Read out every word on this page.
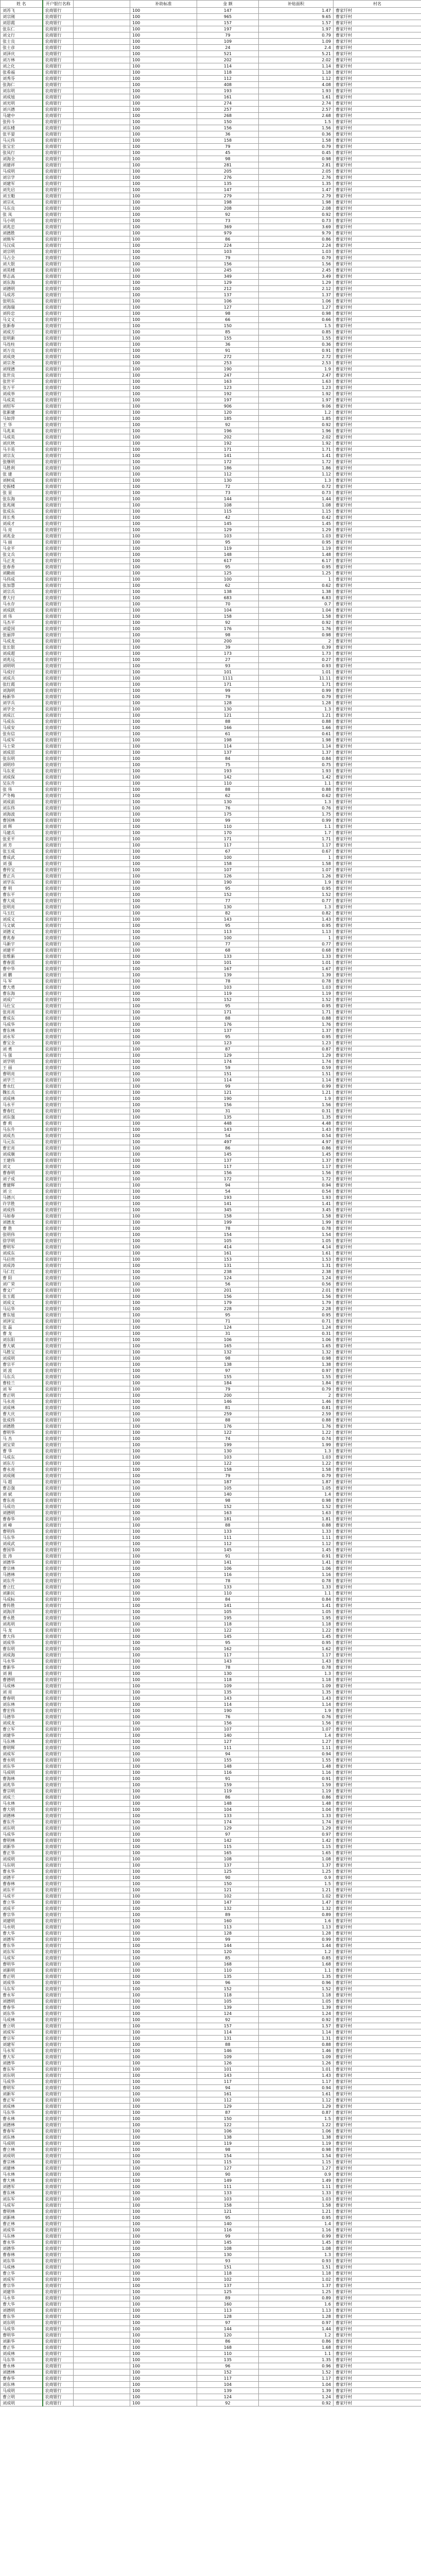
姓 名	开户银行名称		补助标准	金 额	补贴面积	村名
刘苏飞	农商银行		100	147	1.47	曹家圩村
刘宗刚	农商银行		100	965	9.65	曹家圩村
刘思霞	农商银行		100	157	1.57	曹家圩村
张东仁	农商银行		100	197	1.97	曹家圩村
刘文行	农商银行		100	79	0.79	曹家圩村
张士良	农商银行		100	109	1.09	曹家圩村
张士彦	农商银行		100	24	2.4	曹家圩村
刘泽庆	农商银行		100	521	5.21	曹家圩村
刘万林	农商银行		100	202	2.02	曹家圩村
刘之化	农商银行		100	114	1.14	曹家圩村
张希福	农商银行		100	118	1.18	曹家圩村
刘秀芬	农商银行		100	112	1.12	曹家圩村
张海仁	农商银行		100	408	4.08	曹家圩村
刘东明	农商银行		100	193	1.93	曹家圩村
刘成旭	农商银行		100	161	1.61	曹家圩村
刘光明	农商银行		100	274	2.74	曹家圩村
刘兴德	农商银行		100	257	2.57	曹家圩村
马建中	农商银行		100	268	2.68	曹家圩村
张传斗	农商银行		100	150	1.5	曹家圩村
刘东楼	农商银行		100	156	1.56	曹家圩村
张平晏	农商银行		100	36	0.36	曹家圩村
马元伟	农商银行		100	158	1.58	曹家圩村
张宝宏	农商银行		100	79	0.79	曹家圩村
张凤行	农商银行		100	45	0.45	曹家圩村
刘海全	农商银行		100	98	0.98	曹家圩村
刘建祥	农商银行		100	281	2.81	曹家圩村
马成明	农商银行		100	205	2.05	曹家圩村
刘宗学	农商银行		100	276	2.76	曹家圩村
刘建军	农商银行		100	135	1.35	曹家圩村
刘先启	农商银行		100	147	1.47	曹家圩村
刘玉魁	农商银行		100	279	2.79	曹家圩村
刘宗礼	农商银行		100	198	1.98	曹家圩村
马东良	农商银行		100	208	2.08	曹家圩村
张 凤	农商银行		100	92	0.92	曹家圩村
马小明	农商银行		100	73	0.73	曹家圩村
刘兆忠	农商银行		100	369	3.69	曹家圩村
刘德胜	农商银行		100	979	9.79	曹家圩村
刘焕军	农商银行		100	86	0.86	曹家圩村
马汉成	农商银行		100	224	2.24	曹家圩村
刘宗明	农商银行		100	103	1.03	曹家圩村
马占全	农商银行		100	79	0.79	曹家圩村
刘大银	农商银行		100	156	1.56	曹家圩村
刘英楼	农商银行		100	245	2.45	曹家圩村
蔡志高	农商银行		100	349	3.49	曹家圩村
刘东海	农商银行		100	129	1.29	曹家圩村
刘德明	农商银行		100	212	2.12	曹家圩村
马成苏	农商银行		100	137	1.37	曹家圩村
张明东	农商银行		100	106	1.06	曹家圩村
刘海瑞	农商银行		100	127	1.27	曹家圩村
刘传忠	农商银行		100	98	0.98	曹家圩村
马文义	农商银行		100	66	0.66	曹家圩村
张新春	农商银行		100	150	1.5	曹家圩村
刘成方	农商银行		100	85	0.85	曹家圩村
张明新	农商银行		100	155	1.55	曹家圩村
马连柱	农商银行		100	36	0.36	曹家圩村
刘万良	农商银行		100	91	0.91	曹家圩村
刘成庚	农商银行		100	272	2.72	曹家圩村
刘宗尧	农商银行		100	253	2.53	曹家圩村
刘现德	农商银行		100	190	1.9	曹家圩村
张世良	农商银行		100	247	2.47	曹家圩村
张世平	农商银行		100	163	1.63	曹家圩村
张万平	农商银行		100	123	1.23	曹家圩村
刘成举	农商银行		100	192	1.92	曹家圩村
马成美	农商银行		100	197	1.97	曹家圩村
刘绍军	农商银行		100	906	9.06	曹家圩村
张新建	农商银行		100	120	1.2	曹家圩村
马如萍	农商银行		100	185	1.85	曹家圩村
王 华	农商银行		100	92	0.92	曹家圩村
马兆来	农商银行		100	196	1.96	曹家圩村
马成英	农商银行		100	202	2.02	曹家圩村
刘庆秋	农商银行		100	192	1.92	曹家圩村
马丰英	农商银行		100	171	1.71	曹家圩村
刘宗友	农商银行		100	141	1.41	曹家圩村
张继明	农商银行		100	172	1.72	曹家圩村
马胜利	农商银行		100	186	1.86	曹家圩村
张 建	农商银行		100	112	1.12	曹家圩村
刘树成	农商银行		100	130	1.3	曹家圩村
史振楼	农商银行		100	72	0.72	曹家圩村
张 显	农商银行		100	73	0.73	曹家圩村
张东海	农商银行		100	144	1.44	曹家圩村
张兆刚	农商银行		100	108	1.08	曹家圩村
张成东	农商银行		100	115	1.15	曹家圩村
周长秀	农商银行		100	42	0.42	曹家圩村
刘成才	农商银行		100	145	1.45	曹家圩村
马 亮	农商银行		100	129	1.29	曹家圩村
刘兆金	农商银行		100	103	1.03	曹家圩村
马 丽	农商银行		100	95	0.95	曹家圩村
马业平	农商银行		100	119	1.19	曹家圩村
张文兵	农商银行		100	148	1.48	曹家圩村
马正龙	农商银行		100	617	6.17	曹家圩村
张春香	农商银行		100	95	0.95	曹家圩村
刘勤雨	农商银行		100	125	1.25	曹家圩村
马伟成	农商银行		100	100	1	曹家圩村
张加慧	农商银行		100	62	0.62	曹家圩村
刘宗兵	农商银行		100	138	1.38	曹家圩村
曹大付	农商银行		100	683	6.83	曹家圩村
马永存	农商银行		100	70	0.7	曹家圩村
刘成跃	农商银行		100	104	1.04	曹家圩村
刘 伟	农商银行		100	158	1.58	曹家圩村
马杰平	农商银行		100	92	0.92	曹家圩村
刘爱国	农商银行		100	176	1.76	曹家圩村
张丽萍	农商银行		100	98	0.98	曹家圩村
马成龙	农商银行		100	200	2	曹家圩村
张长银	农商银行		100	39	0.39	曹家圩村
刘成超	农商银行		100	173	1.73	曹家圩村
刘兆远	农商银行		100	27	0.27	曹家圩村
刘明明	农商银行		100	93	0.93	曹家圩村
马成付	农商银行		100	101	1.01	曹家圩村
刘成兵	农商银行		100	1111	11.11	曹家圩村
张红霞	农商银行		100	171	1.71	曹家圩村
刘海明	农商银行		100	99	0.99	曹家圩村
杨新华	农商银行		100	79	0.79	曹家圩村
刘学兵	农商银行		100	128	1.28	曹家圩村
刘学全	农商银行		100	130	1.3	曹家圩村
刘成江	农商银行		100	121	1.21	曹家圩村
马成东	农商银行		100	88	0.88	曹家圩村
马成安	农商银行		100	166	1.66	曹家圩村
张有信	农商银行		100	61	0.61	曹家圩村
马成军	农商银行		100	198	1.98	曹家圩村
马士荣	农商银行		100	114	1.14	曹家圩村
刘成思	农商银行		100	137	1.37	曹家圩村
张东明	农商银行		100	84	0.84	曹家圩村
刘明珍	农商银行		100	75	0.75	曹家圩村
马东亚	农商银行		100	193	1.93	曹家圩村
刘成保	农商银行		100	142	1.42	曹家圩村
吴东升	农商银行		100	110	1.1	曹家圩村
张 伟	农商银行		100	88	0.88	曹家圩村
严冬梅	农商银行		100	62	0.62	曹家圩村
刘成前	农商银行		100	130	1.3	曹家圩村
刘东伟	农商银行		100	76	0.76	曹家圩村
刘海波	农商银行		100	175	1.75	曹家圩村
曹国林	农商银行		100	99	0.99	曹家圩村
刘 辉	农商银行		100	110	1.1	曹家圩村
马建兵	农商银行		100	170	1.7	曹家圩村
张亚平	农商银行		100	171	1.71	曹家圩村
刘 芳	农商银行		100	117	1.17	曹家圩村
张玉成	农商银行		100	67	0.67	曹家圩村
曹成武	农商银行		100	100	1	曹家圩村
刘 强	农商银行		100	158	1.58	曹家圩村
曹传宝	农商银行		100	107	1.07	曹家圩村
曹正兵	农商银行		100	126	1.26	曹家圩村
刘学东	农商银行		100	190	1.9	曹家圩村
曹 明	农商银行		100	95	0.95	曹家圩村
曹东平	农商银行		100	152	1.52	曹家圩村
曹大成	农商银行		100	77	0.77	曹家圩村
张明亮	农商银行		100	130	1.3	曹家圩村
马玉红	农商银行		100	82	0.82	曹家圩村
刘成义	农商银行		100	143	1.43	曹家圩村
马文斌	农商银行		100	95	0.95	曹家圩村
刘德义	农商银行		100	113	1.13	曹家圩村
曹兆春	农商银行		100	100	1	曹家圩村
马新宇	农商银行		100	77	0.77	曹家圩村
刘建平	农商银行		100	68	0.68	曹家圩村
张维新	农商银行		100	133	1.33	曹家圩村
曹春雷	农商银行		100	101	1.01	曹家圩村
曹中华	农商银行		100	167	1.67	曹家圩村
刘 鹏	农商银行		100	139	1.39	曹家圩村
马 军	农商银行		100	78	0.78	曹家圩村
曹大勇	农商银行		100	103	1.03	曹家圩村
曹东海	农商银行		100	119	1.19	曹家圩村
刘成广	农商银行		100	152	1.52	曹家圩村
马仕宝	农商银行		100	95	0.95	曹家圩村
张亮亮	农商银行		100	171	1.71	曹家圩村
曹成东	农商银行		100	88	0.88	曹家圩村
马成华	农商银行		100	176	1.76	曹家圩村
曹东林	农商银行		100	137	1.37	曹家圩村
刘永军	农商银行		100	95	0.95	曹家圩村
曹宝全	农商银行		100	123	1.23	曹家圩村
刘 勇	农商银行		100	87	0.87	曹家圩村
马 强	农商银行		100	129	1.29	曹家圩村
刘学明	农商银行		100	174	1.74	曹家圩村
王 丽	农商银行		100	59	0.59	曹家圩村
曹明亮	农商银行		100	151	1.51	曹家圩村
刘学兰	农商银行		100	114	1.14	曹家圩村
曹永红	农商银行		100	99	0.99	曹家圩村
魏长兵	农商银行		100	121	1.21	曹家圩村
刘成林	农商银行		100	190	1.9	曹家圩村
马永平	农商银行		100	156	1.56	曹家圩村
曹春红	农商银行		100	31	0.31	曹家圩村
刘东强	农商银行		100	135	1.35	曹家圩村
曹 莉	农商银行		100	448	4.48	曹家圩村
马东升	农商银行		100	143	1.43	曹家圩村
刘成杰	农商银行		100	54	0.54	曹家圩村
马元东	农商银行		100	497	4.97	曹家圩村
曹宏亮	农商银行		100	86	0.86	曹家圩村
刘成顺	农商银行		100	145	1.45	曹家圩村
王建伟	农商银行		100	137	1.37	曹家圩村
刘文	农商银行		100	117	1.17	曹家圩村
曹春明	农商银行		100	156	1.56	曹家圩村
刘子成	农商银行		100	172	1.72	曹家圩村
曹建辉	农商银行		100	94	0.94	曹家圩村
刘 立	农商银行		100	54	0.54	曹家圩村
马德兴	农商银行		100	193	1.93	曹家圩村
许学胜	农商银行		100	141	1.41	曹家圩村
刘成伟	农商银行		100	345	3.45	曹家圩村
马如春	农商银行		100	158	1.58	曹家圩村
刘德龙	农商银行		100	199	1.99	曹家圩村
曹 胜	农商银行		100	78	0.78	曹家圩村
张明伟	农商银行		100	154	1.54	曹家圩村
徐学明	农商银行		100	105	1.05	曹家圩村
曹明军	农商银行		100	414	4.14	曹家圩村
刘成东	农商银行		100	161	1.61	曹家圩村
马启贵	农商银行		100	153	1.53	曹家圩村
刘成涛	农商银行		100	131	1.31	曹家圩村
马仁红	农商银行		100	238	2.38	曹家圩村
曹 阳	农商银行		100	124	1.24	曹家圩村
刘广荣	农商银行		100	56	0.56	曹家圩村
曹文广	农商银行		100	201	2.01	曹家圩村
张玉霞	农商银行		100	156	1.56	曹家圩村
刘成文	农商银行		100	179	1.79	曹家圩村
马运华	农商银行		100	228	2.28	曹家圩村
曹东旭	农商银行		100	95	0.95	曹家圩村
刘泽宝	农商银行		100	71	0.71	曹家圩村
张 磊	农商银行		100	124	1.24	曹家圩村
曹 龙	农商银行		100	31	0.31	曹家圩村
刘东阳	农商银行		100	106	1.06	曹家圩村
曹大斌	农商银行		100	165	1.65	曹家圩村
马胜宝	农商银行		100	132	1.32	曹家圩村
刘成明	农商银行		100	98	0.98	曹家圩村
曹宗平	农商银行		100	138	1.38	曹家圩村
刘 波	农商银行		100	97	0.97	曹家圩村
马东兵	农商银行		100	155	1.55	曹家圩村
曹桂兰	农商银行		100	184	1.84	曹家圩村
刘 军	农商银行		100	79	0.79	曹家圩村
曹正明	农商银行		100	200	2	曹家圩村
马永亮	农商银行		100	146	1.46	曹家圩村
刘成林	农商银行		100	81	0.81	曹家圩村
曹大庆	农商银行		100	259	2.59	曹家圩村
张成伟	农商银行		100	88	0.88	曹家圩村
刘德胜	农商银行		100	176	1.76	曹家圩村
曹明华	农商银行		100	122	1.22	曹家圩村
马 杰	农商银行		100	74	0.74	曹家圩村
刘宝荣	农商银行		100	199	1.99	曹家圩村
曹 华	农商银行		100	130	1.3	曹家圩村
马成东	农商银行		100	103	1.03	曹家圩村
刘东方	农商银行		100	122	1.22	曹家圩村
曹永亮	农商银行		100	158	1.58	曹家圩村
刘成刚	农商银行		100	79	0.79	曹家圩村
马 超	农商银行		100	187	1.87	曹家圩村
曹志强	农商银行		100	105	1.05	曹家圩村
刘 斌	农商银行		100	140	1.4	曹家圩村
曹东亮	农商银行		100	98	0.98	曹家圩村
马成功	农商银行		100	152	1.52	曹家圩村
刘德明	农商银行		100	163	1.63	曹家圩村
曹春华	农商银行		100	181	1.81	曹家圩村
刘 峰	农商银行		100	88	0.88	曹家圩村
曹明伟	农商银行		100	133	1.33	曹家圩村
马东华	农商银行		100	111	1.11	曹家圩村
刘成武	农商银行		100	112	1.12	曹家圩村
曹国华	农商银行		100	145	1.45	曹家圩村
张 涛	农商银行		100	91	0.91	曹家圩村
刘德华	农商银行		100	141	1.41	曹家圩村
曹宗林	农商银行		100	106	1.06	曹家圩村
马德林	农商银行		100	116	1.16	曹家圩村
刘东升	农商银行		100	78	0.78	曹家圩村
曹立红	农商银行		100	133	1.33	曹家圩村
刘新民	农商银行		100	110	1.1	曹家圩村
马成标	农商银行		100	84	0.84	曹家圩村
曹传胜	农商银行		100	141	1.41	曹家圩村
刘海洋	农商银行		100	105	1.05	曹家圩村
曹永胜	农商银行		100	195	1.95	曹家圩村
刘兆明	农商银行		100	118	1.18	曹家圩村
马 龙	农商银行		100	122	1.22	曹家圩村
曹大伟	农商银行		100	145	1.45	曹家圩村
刘成华	农商银行		100	95	0.95	曹家圩村
曹东明	农商银行		100	162	1.62	曹家圩村
刘成海	农商银行		100	117	1.17	曹家圩村
马永华	农商银行		100	143	1.43	曹家圩村
曹新华	农商银行		100	78	0.78	曹家圩村
刘 刚	农商银行		100	130	1.3	曹家圩村
曹德明	农商银行		100	118	1.18	曹家圩村
马成林	农商银行		100	109	1.09	曹家圩村
刘 亮	农商银行		100	135	1.35	曹家圩村
曹春明	农商银行		100	143	1.43	曹家圩村
刘东林	农商银行		100	114	1.14	曹家圩村
曹宏伟	农商银行		100	190	1.9	曹家圩村
马德华	农商银行		100	76	0.76	曹家圩村
刘成龙	农商银行		100	156	1.56	曹家圩村
曹立军	农商银行		100	107	1.07	曹家圩村
刘建华	农商银行		100	140	1.4	曹家圩村
马东林	农商银行		100	127	1.27	曹家圩村
曹明辉	农商银行		100	111	1.11	曹家圩村
刘成军	农商银行		100	94	0.94	曹家圩村
曹永明	农商银行		100	155	1.55	曹家圩村
刘东华	农商银行		100	148	1.48	曹家圩村
马成明	农商银行		100	116	1.16	曹家圩村
曹海林	农商银行		100	91	0.91	曹家圩村
刘兆华	农商银行		100	159	1.59	曹家圩村
曹宗明	农商银行		100	119	1.19	曹家圩村
刘成兰	农商银行		100	86	0.86	曹家圩村
马永林	农商银行		100	148	1.48	曹家圩村
曹大明	农商银行		100	104	1.04	曹家圩村
刘德林	农商银行		100	133	1.33	曹家圩村
曹东升	农商银行		100	174	1.74	曹家圩村
刘东明	农商银行		100	129	1.29	曹家圩村
马成华	农商银行		100	97	0.97	曹家圩村
曹明林	农商银行		100	142	1.42	曹家圩村
刘新华	农商银行		100	115	1.15	曹家圩村
曹正华	农商银行		100	165	1.65	曹家圩村
刘成明	农商银行		100	108	1.08	曹家圩村
马东明	农商银行		100	137	1.37	曹家圩村
曹永华	农商银行		100	125	1.25	曹家圩村
刘德平	农商银行		100	90	0.9	曹家圩村
曹春林	农商银行		100	150	1.5	曹家圩村
刘东平	农商银行		100	121	1.21	曹家圩村
马成平	农商银行		100	102	1.02	曹家圩村
曹立华	农商银行		100	147	1.47	曹家圩村
刘成平	农商银行		100	132	1.32	曹家圩村
曹宗华	农商银行		100	89	0.89	曹家圩村
刘建明	农商银行		100	160	1.6	曹家圩村
马永明	农商银行		100	113	1.13	曹家圩村
曹大华	农商银行		100	128	1.28	曹家圩村
刘德军	农商银行		100	99	0.99	曹家圩村
曹东华	农商银行		100	144	1.44	曹家圩村
刘东军	农商银行		100	120	1.2	曹家圩村
马成军	农商银行		100	85	0.85	曹家圩村
曹明华	农商银行		100	168	1.68	曹家圩村
刘新明	农商银行		100	110	1.1	曹家圩村
曹正明	农商银行		100	135	1.35	曹家圩村
刘成华	农商银行		100	96	0.96	曹家圩村
马东军	农商银行		100	152	1.52	曹家圩村
曹永军	农商银行		100	118	1.18	曹家圩村
刘德明	农商银行		100	105	1.05	曹家圩村
曹春华	农商银行		100	139	1.39	曹家圩村
刘东华	农商银行		100	124	1.24	曹家圩村
马成林	农商银行		100	92	0.92	曹家圩村
曹立明	农商银行		100	157	1.57	曹家圩村
刘成军	农商银行		100	114	1.14	曹家圩村
曹宗军	农商银行		100	131	1.31	曹家圩村
刘建军	农商银行		100	88	0.88	曹家圩村
马永军	农商银行		100	146	1.46	曹家圩村
曹大军	农商银行		100	109	1.09	曹家圩村
刘德华	农商银行		100	126	1.26	曹家圩村
曹东军	农商银行		100	101	1.01	曹家圩村
刘东明	农商银行		100	143	1.43	曹家圩村
马成华	农商银行		100	117	1.17	曹家圩村
曹明军	农商银行		100	94	0.94	曹家圩村
刘新军	农商银行		100	161	1.61	曹家圩村
曹正军	农商银行		100	112	1.12	曹家圩村
刘成林	农商银行		100	129	1.29	曹家圩村
马东华	农商银行		100	87	0.87	曹家圩村
曹永林	农商银行		100	150	1.5	曹家圩村
刘德林	农商银行		100	122	1.22	曹家圩村
曹春军	农商银行		100	106	1.06	曹家圩村
刘东林	农商银行		100	138	1.38	曹家圩村
马成明	农商银行		100	119	1.19	曹家圩村
曹立林	农商银行		100	98	0.98	曹家圩村
刘成明	农商银行		100	154	1.54	曹家圩村
曹宗林	农商银行		100	115	1.15	曹家圩村
刘建林	农商银行		100	127	1.27	曹家圩村
马永林	农商银行		100	90	0.9	曹家圩村
曹大林	农商银行		100	149	1.49	曹家圩村
刘德军	农商银行		100	111	1.11	曹家圩村
曹东林	农商银行		100	133	1.33	曹家圩村
刘东军	农商银行		100	103	1.03	曹家圩村
马成军	农商银行		100	158	1.58	曹家圩村
曹明林	农商银行		100	121	1.21	曹家圩村
刘新林	农商银行		100	95	0.95	曹家圩村
曹正林	农商银行		100	140	1.4	曹家圩村
刘成华	农商银行		100	116	1.16	曹家圩村
马东林	农商银行		100	99	0.99	曹家圩村
曹永华	农商银行		100	145	1.45	曹家圩村
刘德华	农商银行		100	108	1.08	曹家圩村
曹春林	农商银行		100	130	1.3	曹家圩村
刘东华	农商银行		100	93	0.93	曹家圩村
马成林	农商银行		100	151	1.51	曹家圩村
曹立华	农商银行		100	118	1.18	曹家圩村
刘成军	农商银行		100	102	1.02	曹家圩村
曹宗华	农商银行		100	137	1.37	曹家圩村
刘建华	农商银行		100	125	1.25	曹家圩村
马永华	农商银行		100	89	0.89	曹家圩村
曹大华	农商银行		100	160	1.6	曹家圩村
刘德明	农商银行		100	113	1.13	曹家圩村
曹东华	农商银行		100	128	1.28	曹家圩村
刘东明	农商银行		100	97	0.97	曹家圩村
马成华	农商银行		100	144	1.44	曹家圩村
曹明华	农商银行		100	120	1.2	曹家圩村
刘新华	农商银行		100	86	0.86	曹家圩村
曹正华	农商银行		100	168	1.68	曹家圩村
刘成林	农商银行		100	110	1.1	曹家圩村
马东华	农商银行		100	135	1.35	曹家圩村
曹永林	农商银行		100	96	0.96	曹家圩村
刘德林	农商银行		100	152	1.52	曹家圩村
曹春华	农商银行		100	117	1.17	曹家圩村
刘东林	农商银行		100	104	1.04	曹家圩村
马成明	农商银行		100	139	1.39	曹家圩村
曹立明	农商银行		100	124	1.24	曹家圩村
刘成明	农商银行		100	92	0.92	曹家圩村
